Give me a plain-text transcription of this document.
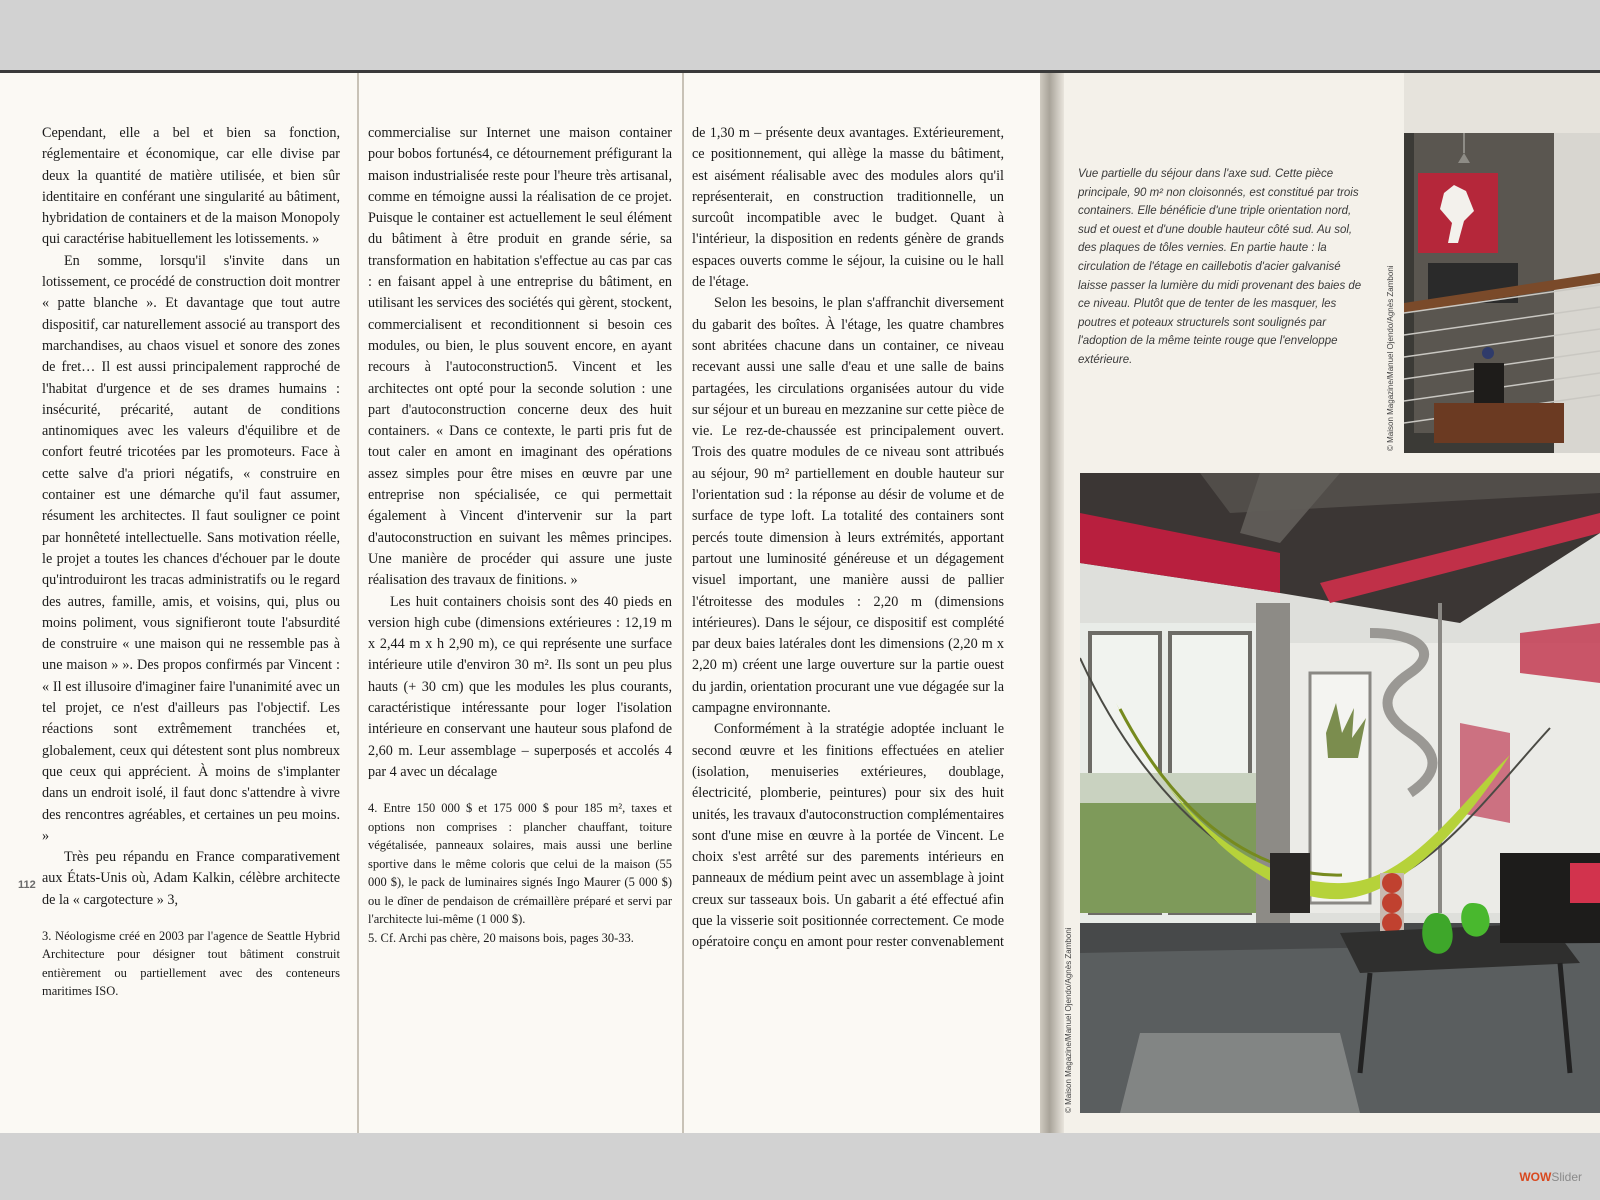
Cependant, elle a bel et bien sa fonction, réglementaire et économique, car elle divise par deux la quantité de matière utilisée, et bien sûr identitaire en conférant une singularité au bâtiment, hybridation de containers et de la maison Monopoly qui caractérise habituellement les lotissements. »

En somme, lorsqu'il s'invite dans un lotissement, ce procédé de construction doit montrer « patte blanche ». Et davantage que tout autre dispositif, car naturellement associé au transport des marchandises, au chaos visuel et sonore des zones de fret… Il est aussi principalement rapproché de l'habitat d'urgence et de ses drames humains : insécurité, précarité, autant de conditions antinomiques avec les valeurs d'équilibre et de confort feutré tricotées par les promoteurs. Face à cette salve d'a priori négatifs, « construire en container est une démarche qu'il faut assumer, résument les architectes. Il faut souligner ce point par honnêteté intellectuelle. Sans motivation réelle, le projet a toutes les chances d'échouer par le doute qu'introduiront les tracas administratifs ou le regard des autres, famille, amis, et voisins, qui, plus ou moins poliment, vous signifieront toute l'absurdité de construire « une maison qui ne ressemble pas à une maison » ». Des propos confirmés par Vincent : « Il est illusoire d'imaginer faire l'unanimité avec un tel projet, ce n'est d'ailleurs pas l'objectif. Les réactions sont extrêmement tranchées et, globalement, ceux qui détestent sont plus nombreux que ceux qui apprécient. À moins de s'implanter dans un endroit isolé, il faut donc s'attendre à vivre des rencontres agréables, et certaines un peu moins. »

Très peu répandu en France comparativement aux États-Unis où, Adam Kalkin, célèbre architecte de la « cargotecture » 3,

3. Néologisme créé en 2003 par l'agence de Seattle Hybrid Architecture pour désigner tout bâtiment construit entièrement ou partiellement avec des conteneurs maritimes ISO.

112

commercialise sur Internet une maison container pour bobos fortunés4, ce détournement préfigurant la maison industrialisée reste pour l'heure très artisanal, comme en témoigne aussi la réalisation de ce projet. Puisque le container est actuellement le seul élément du bâtiment à être produit en grande série, sa transformation en habitation s'effectue au cas par cas : en faisant appel à une entreprise du bâtiment, en utilisant les services des sociétés qui gèrent, stockent, commercialisent et reconditionnent si besoin ces modules, ou bien, le plus souvent encore, en ayant recours à l'autoconstruction5. Vincent et les architectes ont opté pour la seconde solution : une part d'autoconstruction concerne deux des huit containers. « Dans ce contexte, le parti pris fut de tout caler en amont en imaginant des opérations assez simples pour être mises en œuvre par une entreprise non spécialisée, ce qui permettait également à Vincent d'intervenir sur la part d'autoconstruction en suivant les mêmes principes. Une manière de procéder qui assure une juste réalisation des travaux de finitions. »

Les huit containers choisis sont des 40 pieds en version high cube (dimensions extérieures : 12,19 m x 2,44 m x h 2,90 m), ce qui représente une surface intérieure utile d'environ 30 m². Ils sont un peu plus hauts (+ 30 cm) que les modules les plus courants, caractéristique intéressante pour loger l'isolation intérieure en conservant une hauteur sous plafond de 2,60 m. Leur assemblage – superposés et accolés 4 par 4 avec un décalage

4. Entre 150 000 $ et 175 000 $ pour 185 m², taxes et options non comprises : plancher chauffant, toiture végétalisée, panneaux solaires, mais aussi une berline sportive dans le même coloris que celui de la maison (55 000 $), le pack de luminaires signés Ingo Maurer (5 000 $) ou le dîner de pendaison de crémaillère préparé et servi par l'architecte lui-même (1 000 $).

5. Cf. Archi pas chère, 20 maisons bois, pages 30-33.

de 1,30 m – présente deux avantages. Extérieurement, ce positionnement, qui allège la masse du bâtiment, est aisément réalisable avec des modules alors qu'il représenterait, en construction traditionnelle, un surcoût incompatible avec le budget. Quant à l'intérieur, la disposition en redents génère de grands espaces ouverts comme le séjour, la cuisine ou le hall de l'étage.

Selon les besoins, le plan s'affranchit diversement du gabarit des boîtes. À l'étage, les quatre chambres sont abritées chacune dans un container, ce niveau recevant aussi une salle d'eau et une salle de bains partagées, les circulations organisées autour du vide sur séjour et un bureau en mezzanine sur cette pièce de vie. Le rez-de-chaussée est principalement ouvert. Trois des quatre modules de ce niveau sont attribués au séjour, 90 m² partiellement en double hauteur sur l'orientation sud : la réponse au désir de volume et de surface de type loft. La totalité des containers sont percés toute dimension à leurs extrémités, apportant partout une luminosité généreuse et un dégagement visuel important, une manière aussi de pallier l'étroitesse des modules : 2,20 m (dimensions intérieures). Dans le séjour, ce dispositif est complété par deux baies latérales dont les dimensions (2,20 m x 2,20 m) créent une large ouverture sur la partie ouest du jardin, orientation procurant une vue dégagée sur la campagne environnante.

Conformément à la stratégie adoptée incluant le second œuvre et les finitions effectuées en atelier (isolation, menuiseries extérieures, doublage, électricité, plomberie, peintures) pour six des huit unités, les travaux d'autoconstruction complémentaires sont d'une mise en œuvre à la portée de Vincent. Le choix s'est arrêté sur des parements intérieurs en panneaux de médium peint avec un assemblage à joint creux sur tasseaux bois. Un gabarit a été effectué afin que la visserie soit positionnée correctement. Ce mode opératoire conçu en amont pour rester convenablement

Vue partielle du séjour dans l'axe sud. Cette pièce principale, 90 m² non cloisonnés, est constitué par trois containers. Elle bénéficie d'une triple orientation nord, sud et ouest et d'une double hauteur côté sud. Au sol, des plaques de tôles vernies. En partie haute : la circulation de l'étage en caillebotis d'acier galvanisé laisse passer la lumière du midi provenant des baies de ce niveau. Plutôt que de tenter de les masquer, les poutres et poteaux structurels sont soulignés par l'adoption de la même teinte rouge que l'enveloppe extérieure.	© Maison Magazine/Manuel Ojendo/Agnès Zamboni
© Maison Magazine/Manuel Ojendo/Agnès Zamboni
WOWSlider
